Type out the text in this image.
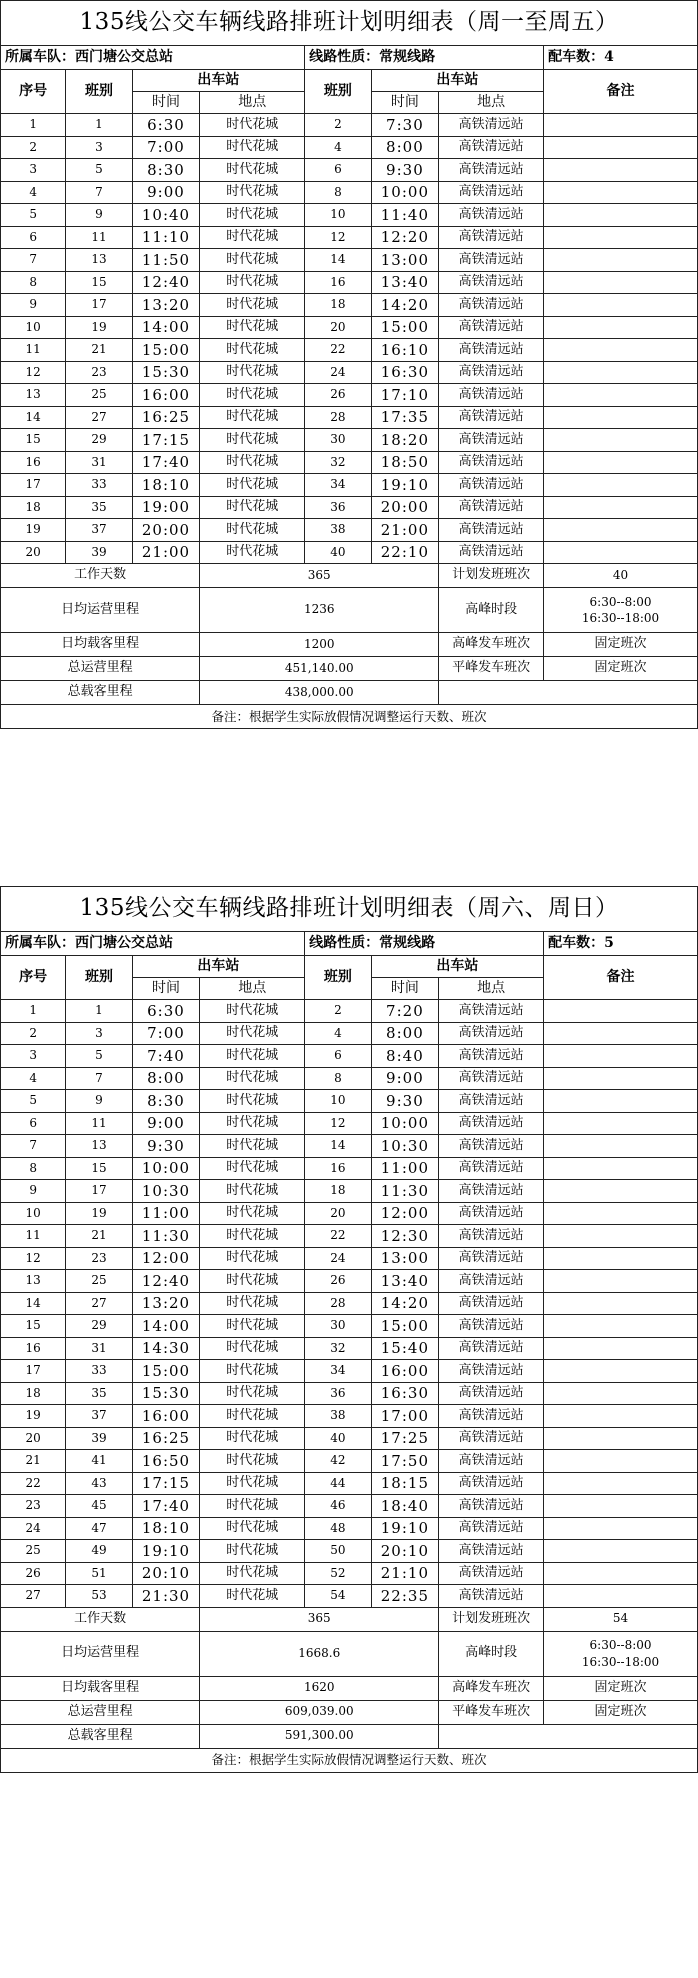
135线公交车辆线路排班计划明细表（周一至周五）							
所属车队：西门塘公交总站				线路性质：常规线路			配车数：4
序号	班别	出车站		班别	出车站		备注
		时间	地点		时间	地点	
1	1	6:30	时代花城	2	7:30	高铁清远站	
2	3	7:00	时代花城	4	8:00	高铁清远站	
3	5	8:30	时代花城	6	9:30	高铁清远站	
4	7	9:00	时代花城	8	10:00	高铁清远站	
5	9	10:40	时代花城	10	11:40	高铁清远站	
6	11	11:10	时代花城	12	12:20	高铁清远站	
7	13	11:50	时代花城	14	13:00	高铁清远站	
8	15	12:40	时代花城	16	13:40	高铁清远站	
9	17	13:20	时代花城	18	14:20	高铁清远站	
10	19	14:00	时代花城	20	15:00	高铁清远站	
11	21	15:00	时代花城	22	16:10	高铁清远站	
12	23	15:30	时代花城	24	16:30	高铁清远站	
13	25	16:00	时代花城	26	17:10	高铁清远站	
14	27	16:25	时代花城	28	17:35	高铁清远站	
15	29	17:15	时代花城	30	18:20	高铁清远站	
16	31	17:40	时代花城	32	18:50	高铁清远站	
17	33	18:10	时代花城	34	19:10	高铁清远站	
18	35	19:00	时代花城	36	20:00	高铁清远站	
19	37	20:00	时代花城	38	21:00	高铁清远站	
20	39	21:00	时代花城	40	22:10	高铁清远站	
工作天数			365			计划发班班次	40
日均运营里程			1236			高峰时段	6:30--8:00
16:30--18:00

日均载客里程			1200			高峰发车班次	固定班次
总运营里程			451,140.00			平峰发车班次	固定班次
总载客里程			438,000.00				
备注：根据学生实际放假情况调整运行天数、班次							
135线公交车辆线路排班计划明细表（周六、周日）							
所属车队：西门塘公交总站				线路性质：常规线路			配车数：5
序号	班别	出车站		班别	出车站		备注
		时间	地点		时间	地点	
1	1	6:30	时代花城	2	7:20	高铁清远站	
2	3	7:00	时代花城	4	8:00	高铁清远站	
3	5	7:40	时代花城	6	8:40	高铁清远站	
4	7	8:00	时代花城	8	9:00	高铁清远站	
5	9	8:30	时代花城	10	9:30	高铁清远站	
6	11	9:00	时代花城	12	10:00	高铁清远站	
7	13	9:30	时代花城	14	10:30	高铁清远站	
8	15	10:00	时代花城	16	11:00	高铁清远站	
9	17	10:30	时代花城	18	11:30	高铁清远站	
10	19	11:00	时代花城	20	12:00	高铁清远站	
11	21	11:30	时代花城	22	12:30	高铁清远站	
12	23	12:00	时代花城	24	13:00	高铁清远站	
13	25	12:40	时代花城	26	13:40	高铁清远站	
14	27	13:20	时代花城	28	14:20	高铁清远站	
15	29	14:00	时代花城	30	15:00	高铁清远站	
16	31	14:30	时代花城	32	15:40	高铁清远站	
17	33	15:00	时代花城	34	16:00	高铁清远站	
18	35	15:30	时代花城	36	16:30	高铁清远站	
19	37	16:00	时代花城	38	17:00	高铁清远站	
20	39	16:25	时代花城	40	17:25	高铁清远站	
21	41	16:50	时代花城	42	17:50	高铁清远站	
22	43	17:15	时代花城	44	18:15	高铁清远站	
23	45	17:40	时代花城	46	18:40	高铁清远站	
24	47	18:10	时代花城	48	19:10	高铁清远站	
25	49	19:10	时代花城	50	20:10	高铁清远站	
26	51	20:10	时代花城	52	21:10	高铁清远站	
27	53	21:30	时代花城	54	22:35	高铁清远站	
工作天数			365			计划发班班次	54
日均运营里程			1668.6			高峰时段	6:30--8:00
16:30--18:00

日均载客里程			1620			高峰发车班次	固定班次
总运营里程			609,039.00			平峰发车班次	固定班次
总载客里程			591,300.00				
备注：根据学生实际放假情况调整运行天数、班次							
